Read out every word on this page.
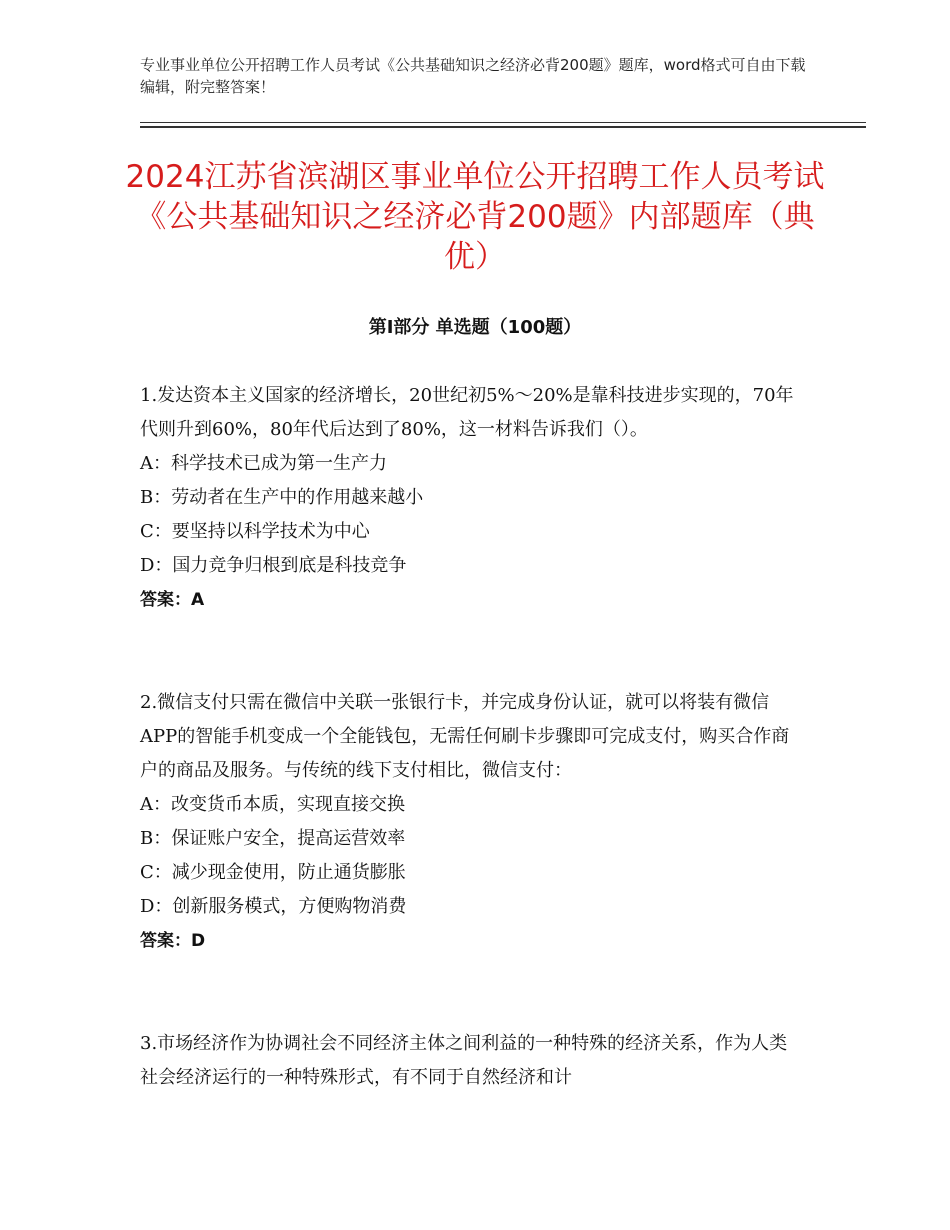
专业事业单位公开招聘工作人员考试《公共基础知识之经济必背200题》题库，word格式可自由下载编辑，附完整答案！
2024江苏省滨湖区事业单位公开招聘工作人员考试《公共基础知识之经济必背200题》内部题库（典优）
第Ⅰ部分 单选题（100题）

1.发达资本主义国家的经济增长，20世纪初5%～20%是靠科技进步实现的，70年代则升到60%，80年代后达到了80%，这一材料告诉我们（）。

A：科学技术已成为第一生产力

B：劳动者在生产中的作用越来越小

C：要坚持以科学技术为中心

D：国力竞争归根到底是科技竞争

答案：A

2.微信支付只需在微信中关联一张银行卡，并完成身份认证，就可以将装有微信APP的智能手机变成一个全能钱包，无需任何刷卡步骤即可完成支付，购买合作商户的商品及服务。与传统的线下支付相比，微信支付：

A：改变货币本质，实现直接交换

B：保证账户安全，提高运营效率

C：减少现金使用，防止通货膨胀

D：创新服务模式，方便购物消费

答案：D

3.市场经济作为协调社会不同经济主体之间利益的一种特殊的经济关系，作为人类社会经济运行的一种特殊形式，有不同于自然经济和计
